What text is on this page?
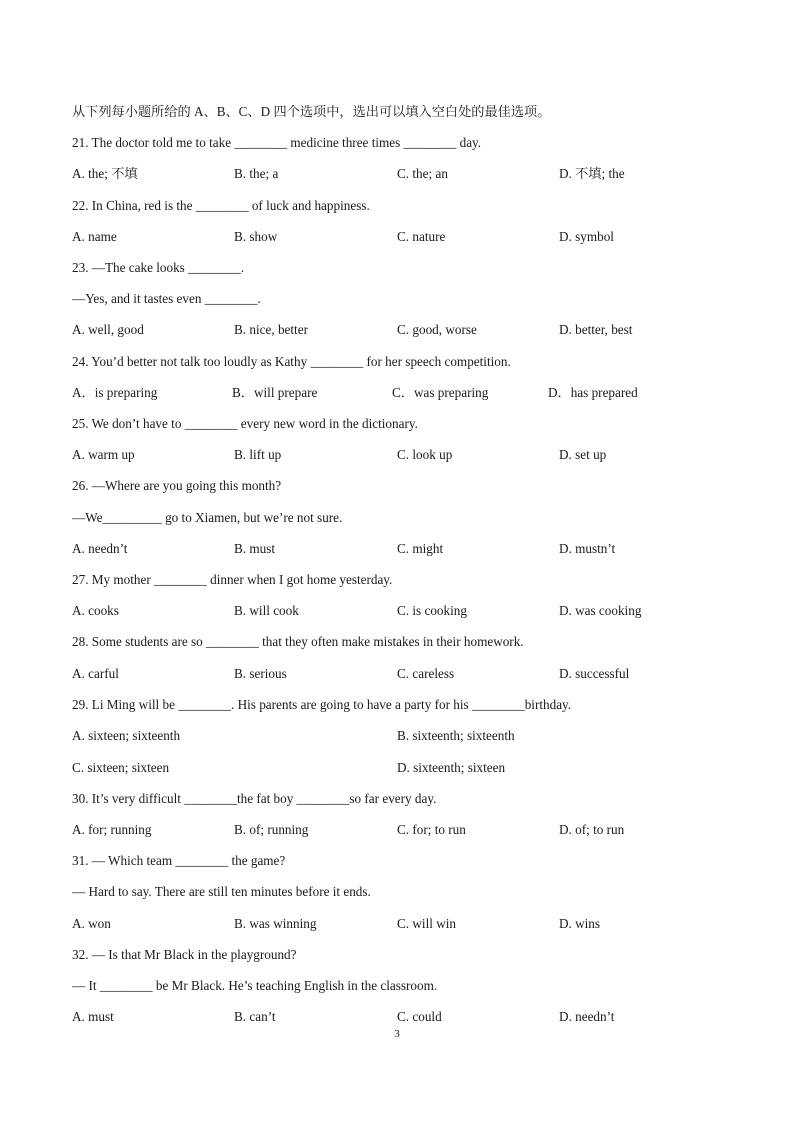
从下列每小题所给的 A、B、C、D 四个选项中，选出可以填入空白处的最佳选项。
21. The doctor told me to take ________ medicine three times ________ day.
A. the; 不填	B. the; a	C. the; an	D. 不填; the
22. In China, red is the ________ of luck and happiness.
A. name	B. show	C. nature	D. symbol
23. —The cake looks ________.
—Yes, and it tastes even ________.
A. well, good	B. nice, better	C. good, worse	D. better, best
24. You’d better not talk too loudly as Kathy ________ for her speech competition.
A．is preparing	B．will prepare	C．was preparing	D．has prepared
25. We don’t have to ________ every new word in the dictionary.
A. warm up	B. lift up	C. look up	D. set up
26. —Where are you going this month?
—We_________ go to Xiamen, but we’re not sure.
A. needn’t	B. must	C. might	D. mustn’t
27. My mother ________ dinner when I got home yesterday.
A. cooks	B. will cook	C. is cooking	D. was cooking
28. Some students are so ________ that they often make mistakes in their homework.
A. carful	B. serious	C. careless	D. successful
29. Li Ming will be ________. His parents are going to have a party for his ________birthday.
A. sixteen; sixteenth	B. sixteenth; sixteenth
C. sixteen; sixteen	D. sixteenth; sixteen
30. It’s very difficult ________the fat boy ________so far every day.
A. for; running	B. of; running	C. for; to run	D. of; to run
31. — Which team ________ the game?
— Hard to say. There are still ten minutes before it ends.
A. won	B. was winning	C. will win	D. wins
32. — Is that Mr Black in the playground?
— It ________ be Mr Black. He’s teaching English in the classroom.
A. must	B. can’t	C. could	D. needn’t
3
